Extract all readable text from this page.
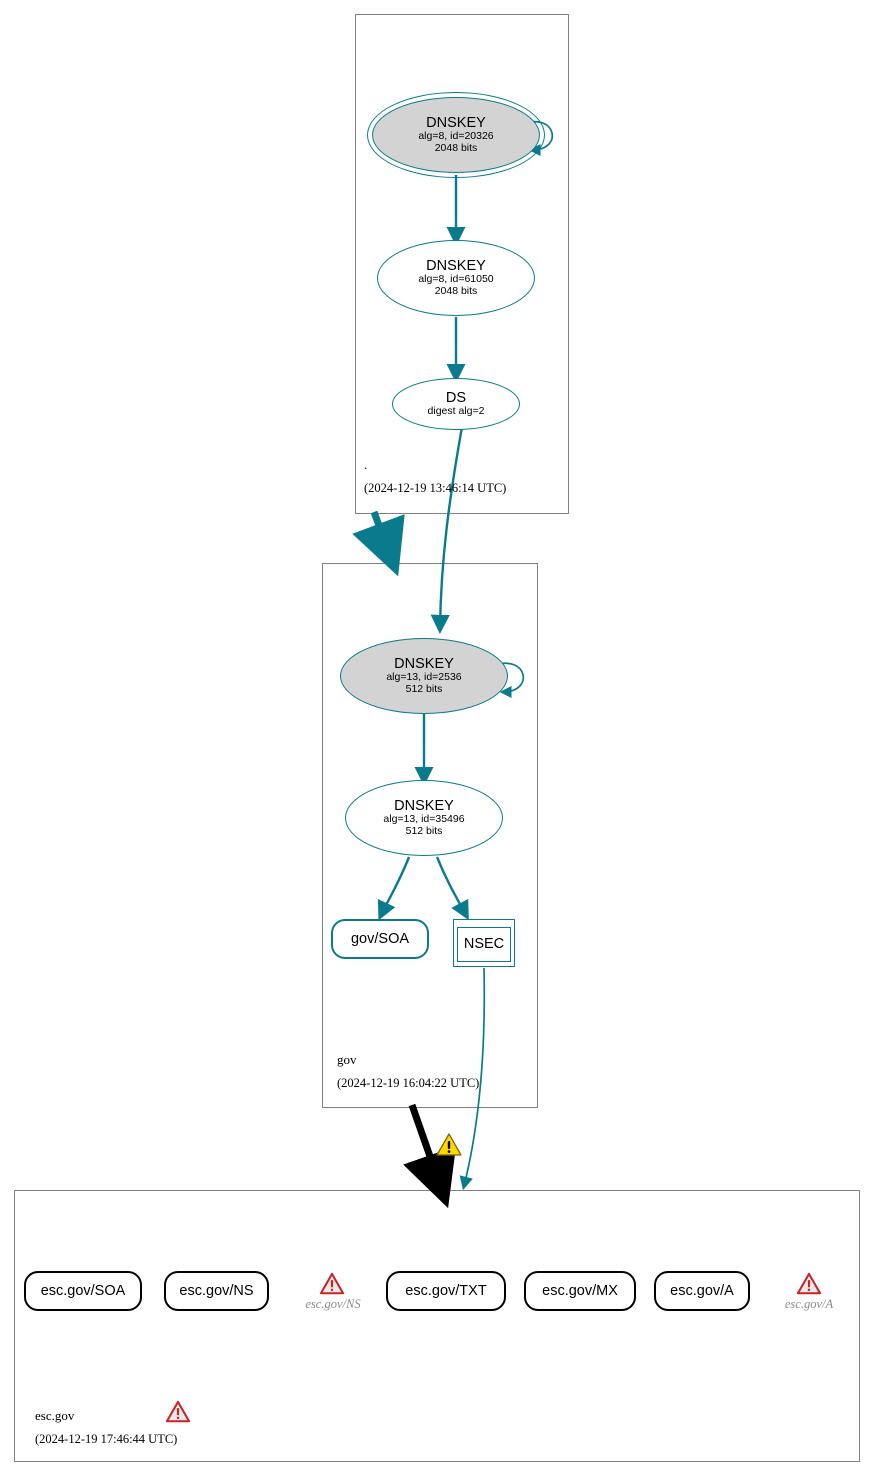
DNSKEY
alg=8, id=20326
2048 bits
DNSKEY
alg=8, id=61050
2048 bits
DS
digest alg=2
.
(2024-12-19 13:46:14 UTC)
DNSKEY
alg=13, id=2536
512 bits
DNSKEY
alg=13, id=35496
512 bits
gov/SOA	NSEC
gov
(2024-12-19 16:04:22 UTC)
esc.gov/SOA	esc.gov/NS
esc.gov/NS
esc.gov/TXT	esc.gov/MX	esc.gov/A
esc.gov/A
esc.gov
(2024-12-19 17:46:44 UTC)
